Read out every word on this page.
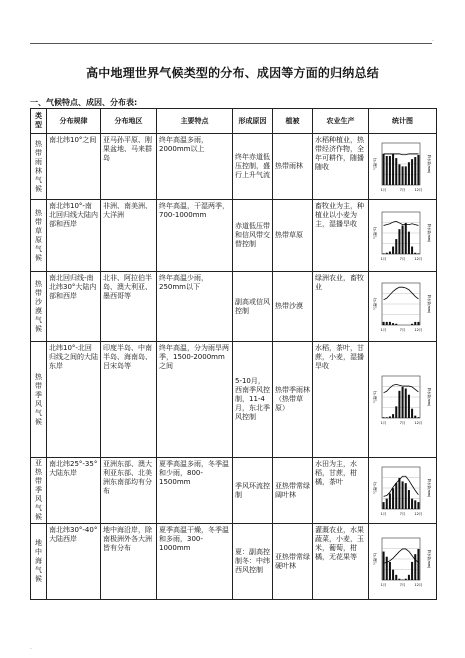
·
高中地理世界气候类型的分布、成因等方面的归纳总结
一、气候特点、成因、分布表:
类型	分布规律	分布地区	主要特点	形成原因	植被	农业生产	统计图
热带雨林气候	南北纬10°之间	亚马孙平原、刚果盆地、马来群岛	终年高温多雨，2000mm以上	终年赤道低压控制，盛行上升气流	热带雨林	水稻种植业，热带经济作物，全年可耕作，随播随收	气温(℃) 降水量(mm)
1月 7月 12月

热带草原气候	南北纬10°-南北回归线大陆内部和西岸	非洲、南美洲、大洋洲	终年高温，干湿两季，700-1000mm	赤道低压带和信风带交替控制	热带草原	畜牧业为主，种植业以小麦为主，湿播旱收	气温(℃) 降水量(mm)
1月 7月 12月

热带沙漠气候	南北回归线-南北纬30°大陆内部和西岸	北非、阿拉伯半岛、澳大利亚、墨西哥等	终年高温少雨，250mm以下	副高或信风控制	热带沙漠	绿洲农业，畜牧业	气温(℃) 降水量(mm)
1月 7月 12月

热带季风气候	北纬10°-北回归线之间的大陆东岸	印度半岛、中南半岛、海南岛、吕宋岛等	终年高温，分为雨旱两季，1500-2000mm之间	5-10月，西南季风控制，11-4月，东北季风控制	热带季雨林（热带草原）	水稻，茶叶，甘蔗，小麦，湿播旱收	气温(℃) 降水量(mm)
1月 7月 12月

亚热带季风气候	南北纬25°-35°大陆东岸	亚洲东部、澳大利亚东部、北美洲东南部均有分布	夏季高温多雨，冬季温和少雨，800-1500mm	季风环流控制	亚热带常绿阔叶林	水田为主，水稻，甘蔗，柑橘，茶叶	气温(℃) 降水量(mm)
1月 7月 12月

地中海气候	南北纬30°-40°大陆西岸	地中海沿岸，除南极洲外各大洲皆有分布	夏季高温干燥，冬季温和多雨，300-1000mm	夏：副高控制冬：中纬西风控制	亚热带常绿硬叶林	灌溉农业，水果蔬菜，小麦，玉米，葡萄，柑橘，无花果等	气温(℃) 降水量(mm)
1月 7月 12月
·
